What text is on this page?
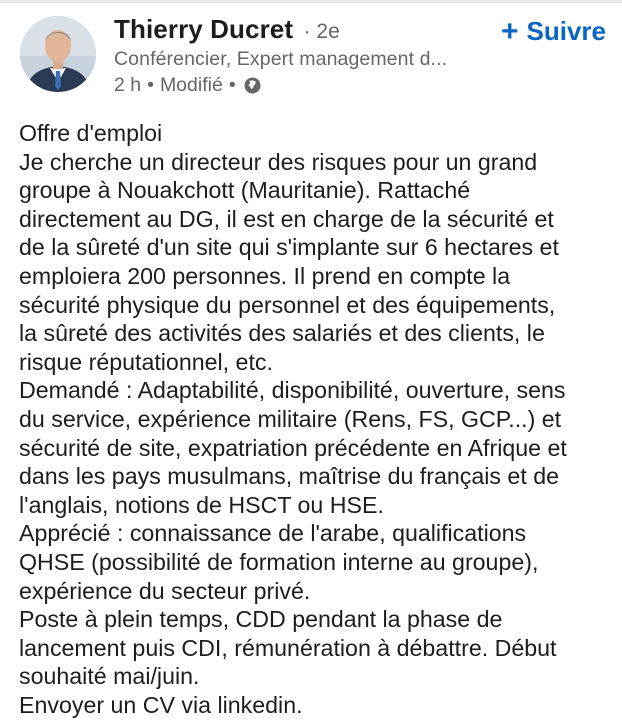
Thierry Ducret · 2e	+ Suivre
Conférencier, Expert management d...
2 h • Modifié •

Offre d'emploi

Je cherche un directeur des risques pour un grand

groupe à Nouakchott (Mauritanie). Rattaché

directement au DG, il est en charge de la sécurité et

de la sûreté d'un site qui s'implante sur 6 hectares et

emploiera 200 personnes. Il prend en compte la

sécurité physique du personnel et des équipements,

la sûreté des activités des salariés et des clients, le

risque réputationnel, etc.

Demandé : Adaptabilité, disponibilité, ouverture, sens

du service, expérience militaire (Rens, FS, GCP...) et

sécurité de site, expatriation précédente en Afrique et

dans les pays musulmans, maîtrise du français et de

l'anglais, notions de HSCT ou HSE.

Apprécié : connaissance de l'arabe, qualifications

QHSE (possibilité de formation interne au groupe),

expérience du secteur privé.

Poste à plein temps, CDD pendant la phase de

lancement puis CDI, rémunération à débattre. Début

souhaité mai/juin.

Envoyer un CV via linkedin.
